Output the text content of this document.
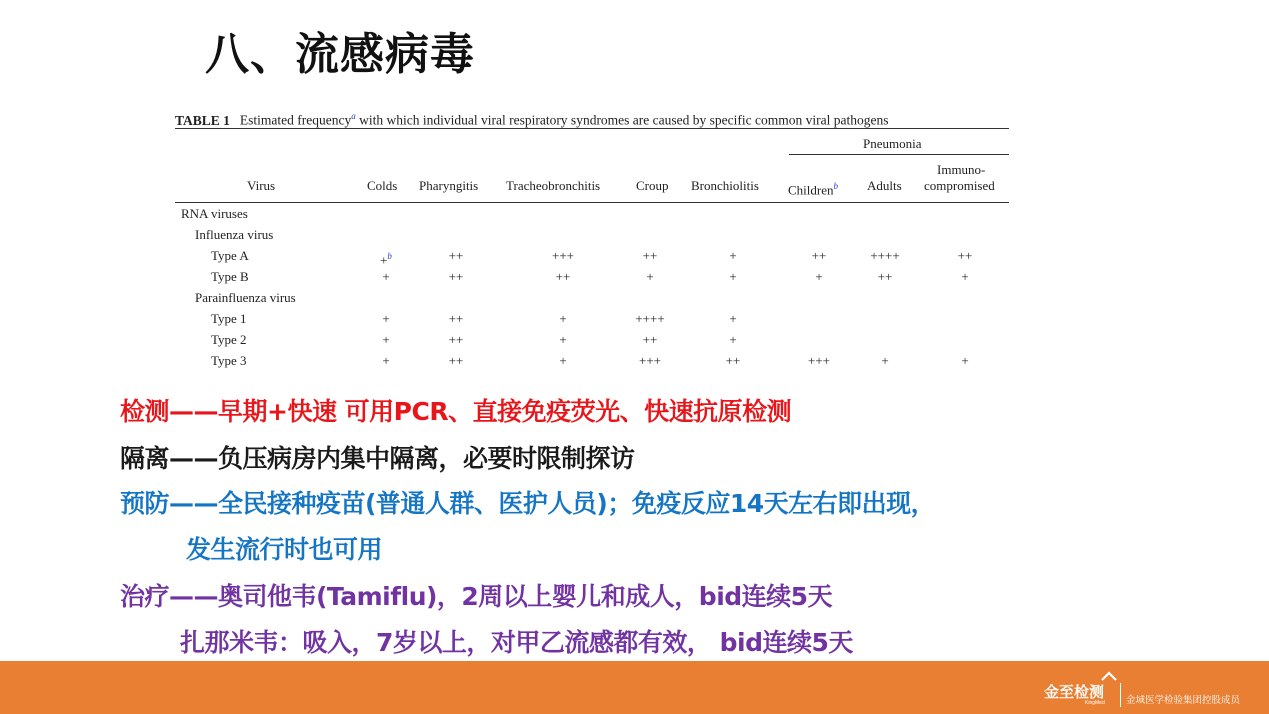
八、流感病毒
TABLE 1 Estimated frequency$^a$ with which individual viral respiratory syndromes are caused by specific common viral pathogens
Pneumonia
Virus	Colds Pharyngitis Tracheobronchitis	Croup Bronchiolitis Children$^b$ Adults
Immuno-
compromised
RNA viruses
Influenza virus
Type A	+$^b$	++	+++	++	+	++	++++	++
Type B	+	++	++	+	+	+	++	+
Parainfluenza virus
Type 1	+	++	+	++++	+
Type 2	+	++	+	++	+
Type 3	+	++	+	+++	++	+++	+	+
检测——早期+快速 可用PCR、直接免疫荧光、快速抗原检测
隔离——负压病房内集中隔离，必要时限制探访
预防——全民接种疫苗(普通人群、医护人员)；免疫反应14天左右即出现，
发生流行时也可用
治疗——奥司他韦(Tamiflu)，2周以上婴儿和成人，bid连续5天
扎那米韦：吸入，7岁以上，对甲乙流感都有效， bid连续5天
金至检测
KingMed 金域医学检验集团控股成员
